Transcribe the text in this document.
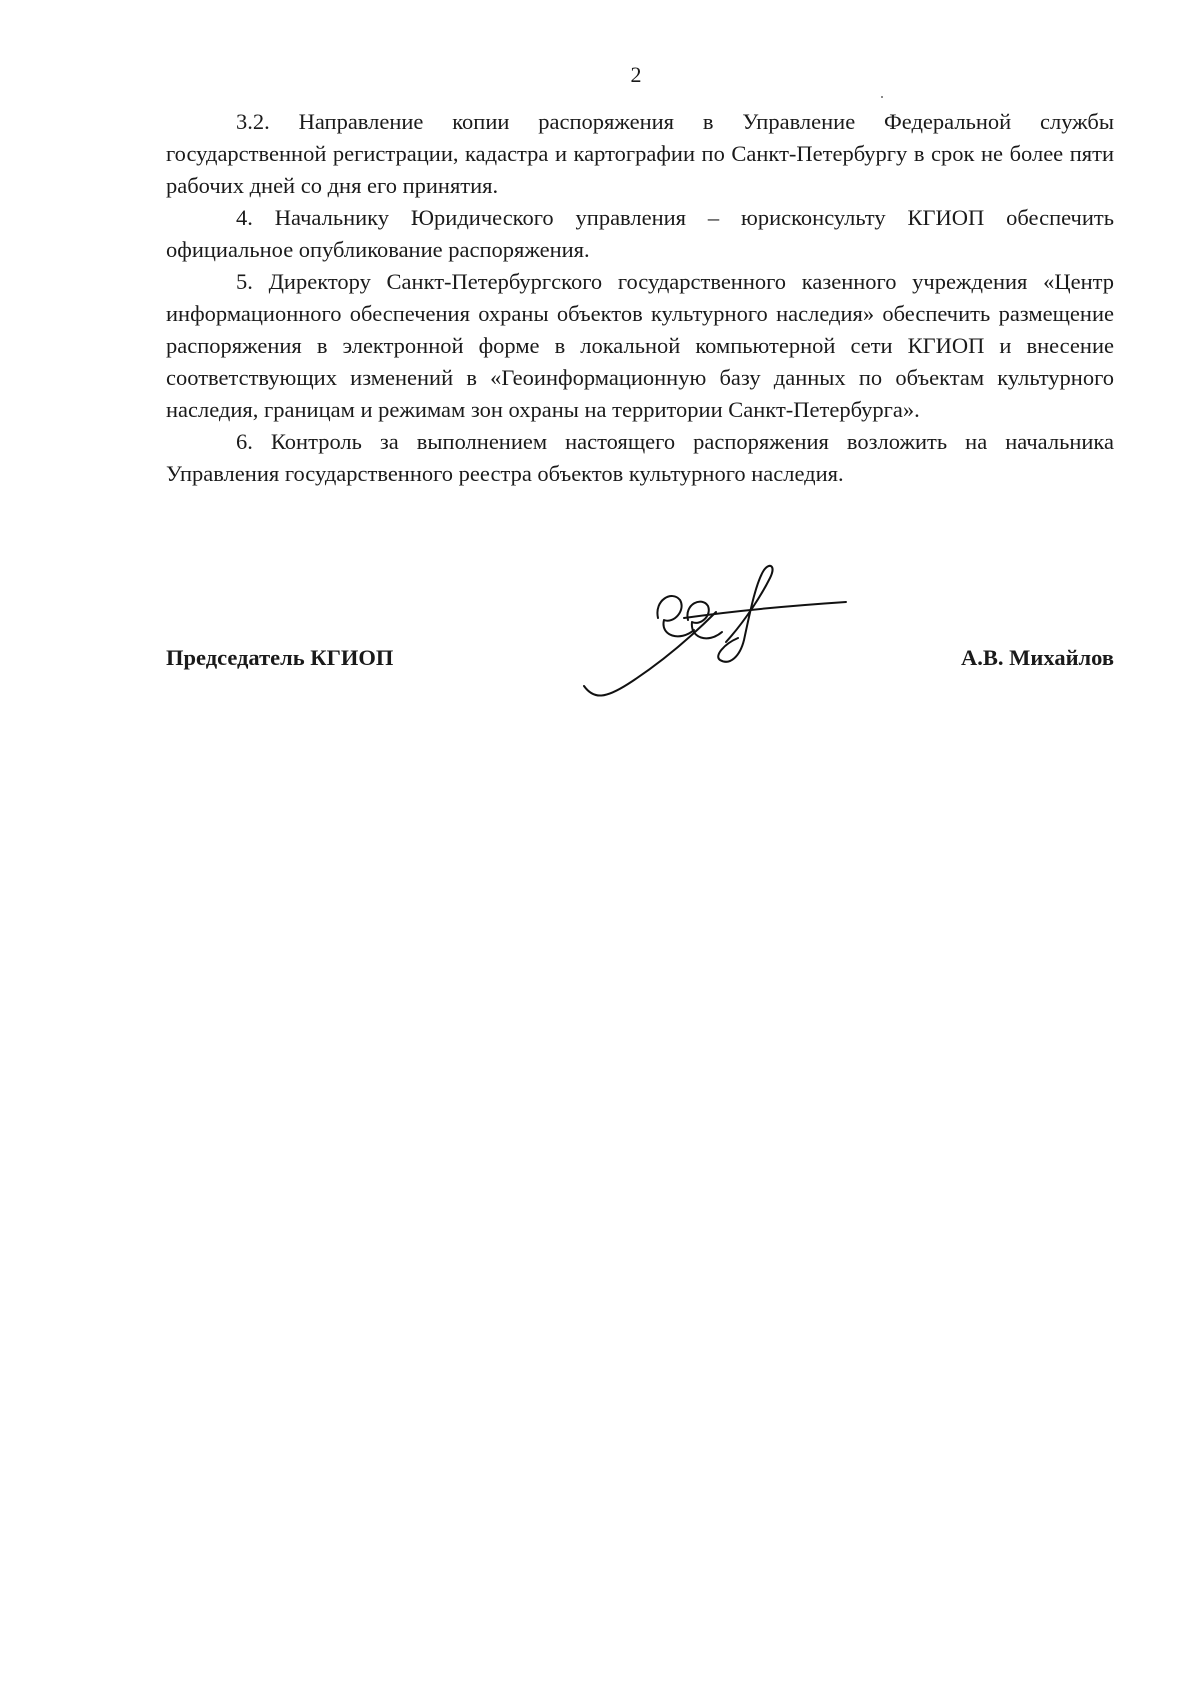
2

3.2. Направление копии распоряжения в Управление Федеральной службы государственной регистрации, кадастра и картографии по Санкт-Петербургу в срок не более пяти рабочих дней со дня его принятия.

4. Начальнику Юридического управления – юрисконсульту КГИОП обеспечить официальное опубликование распоряжения.

5. Директору Санкт-Петербургского государственного казенного учреждения «Центр информационного обеспечения охраны объектов культурного наследия» обеспечить размещение распоряжения в электронной форме в локальной компьютерной сети КГИОП и внесение соответствующих изменений в «Геоинформационную базу данных по объектам культурного наследия, границам и режимам зон охраны на территории Санкт-Петербурга».

6. Контроль за выполнением настоящего распоряжения возложить на начальника Управления государственного реестра объектов культурного наследия.

Председатель КГИОП	А.В. Михайлов
